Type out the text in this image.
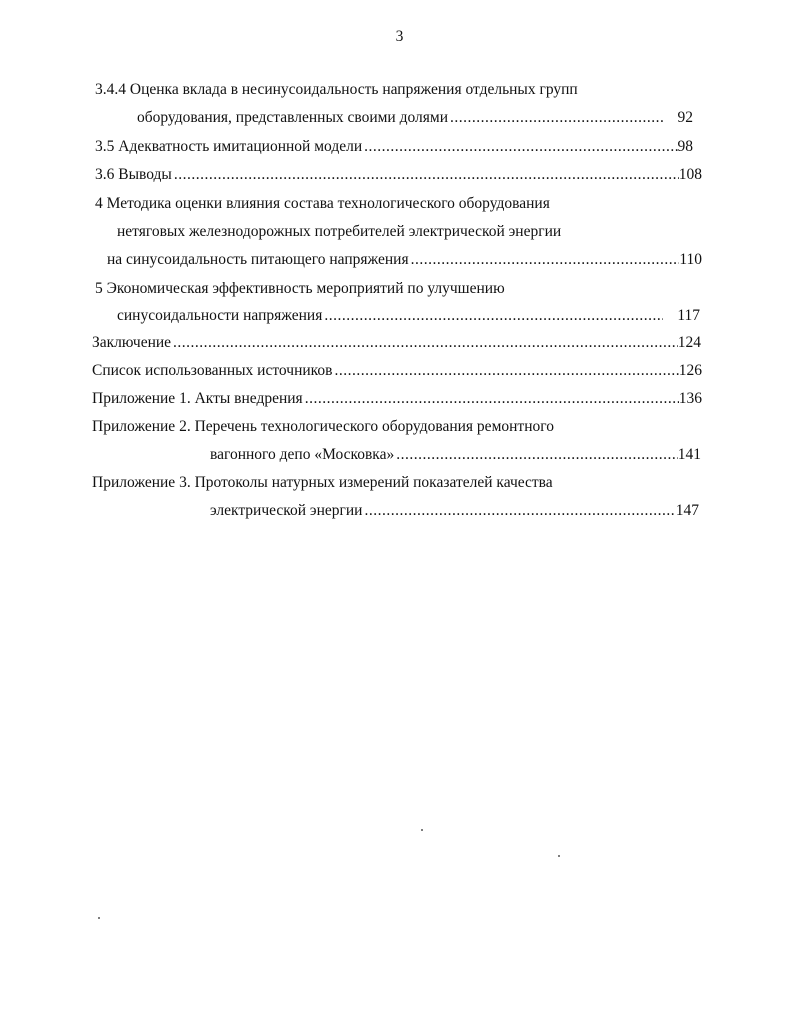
3
3.4.4 Оценка вклада в несинусоидальность напряжения отдельных групп
оборудования, представленных своими долями .....	92
3.5 Адекватность имитационной модели .....	98
3.6 Выводы .....	108
4 Методика оценки влияния состава технологического оборудования
нетяговых железнодорожных потребителей электрической энергии
на синусоидальность питающего напряжения .....	110
5 Экономическая эффективность мероприятий по улучшению
синусоидальности напряжения .....	117
Заключение .....	124
Список использованных источников .....	126
Приложение 1. Акты внедрения .....	136
Приложение 2. Перечень технологического оборудования ремонтного
вагонного депо «Московка» .....	141
Приложение 3. Протоколы натурных измерений показателей качества
электрической энергии .....	147
